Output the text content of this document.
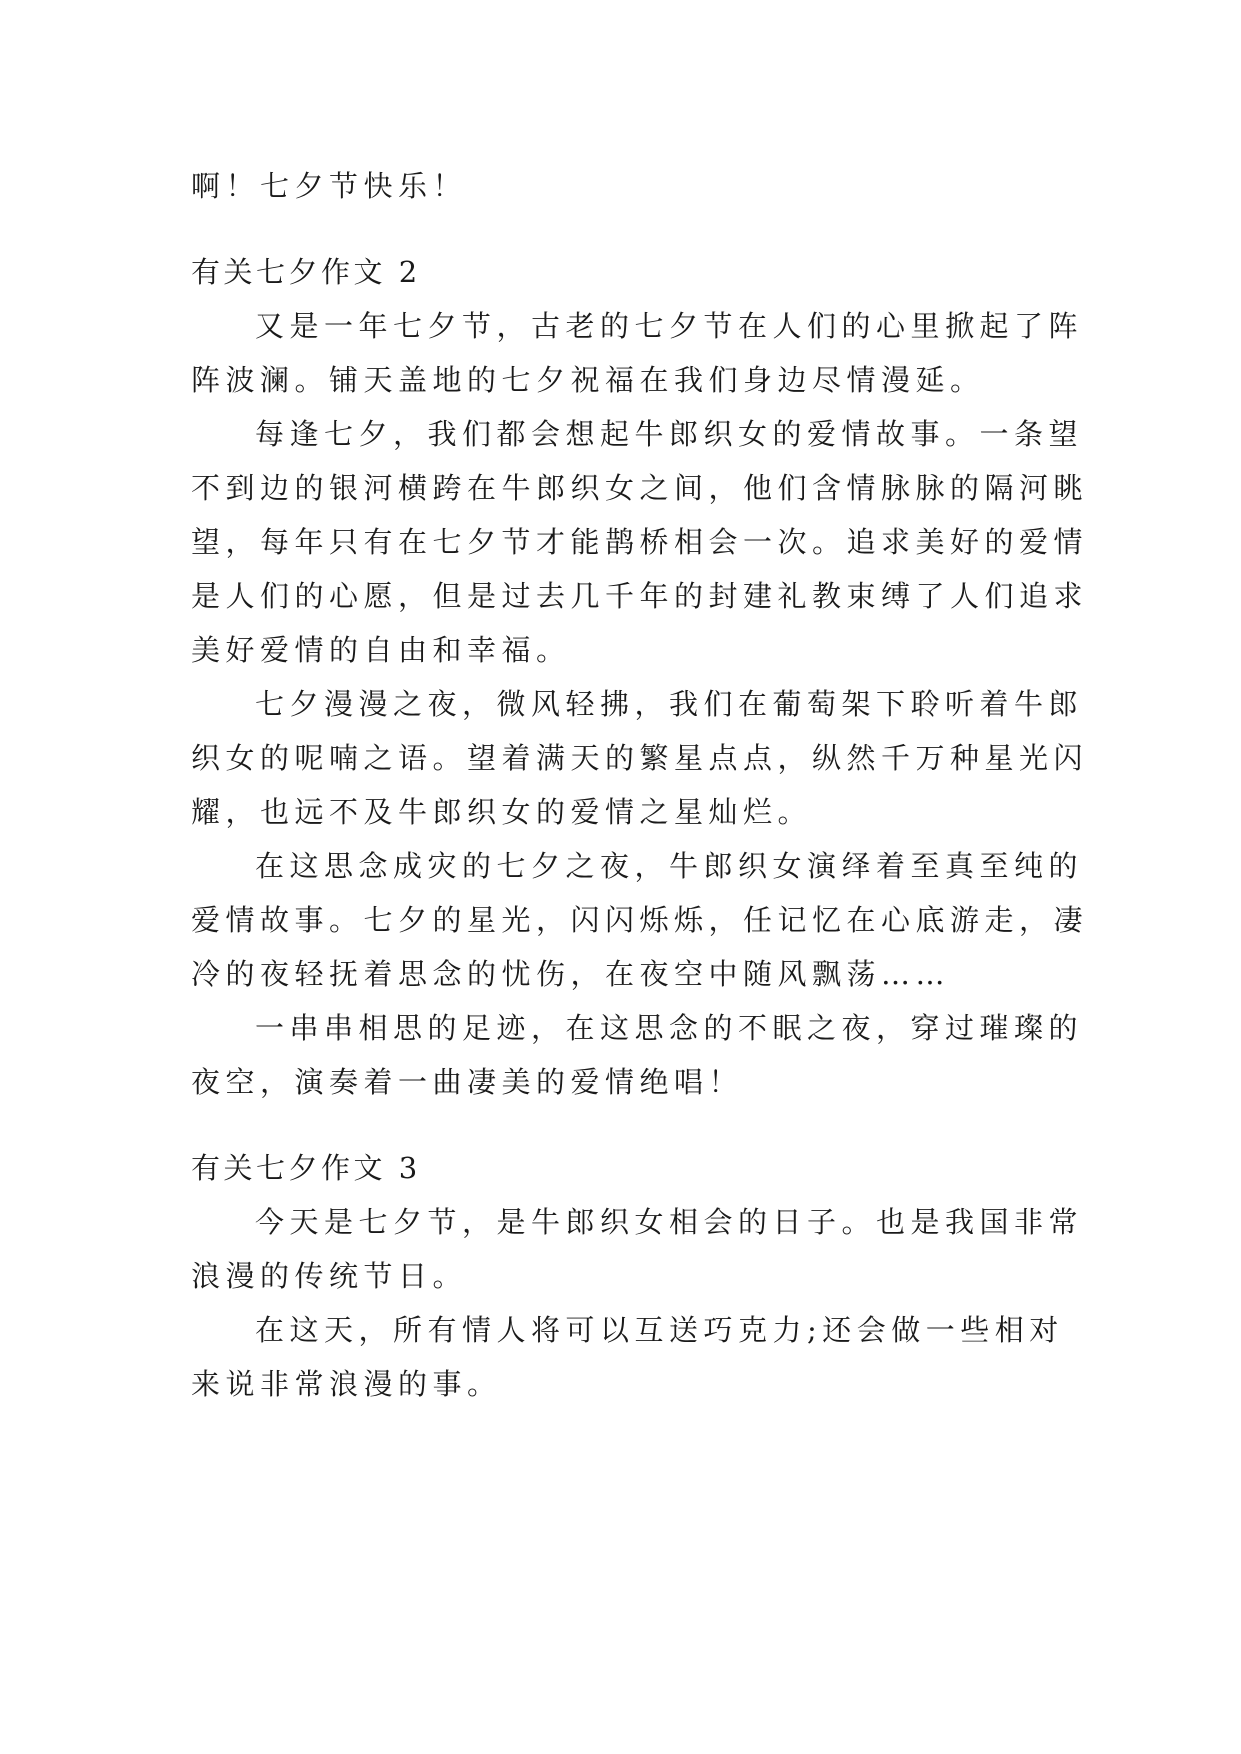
啊！七夕节快乐！
有关七夕作文 2
又是一年七夕节，古老的七夕节在人们的心里掀起了阵
阵波澜。铺天盖地的七夕祝福在我们身边尽情漫延。
每逢七夕，我们都会想起牛郎织女的爱情故事。一条望
不到边的银河横跨在牛郎织女之间，他们含情脉脉的隔河眺
望，每年只有在七夕节才能鹊桥相会一次。追求美好的爱情
是人们的心愿，但是过去几千年的封建礼教束缚了人们追求
美好爱情的自由和幸福。
七夕漫漫之夜，微风轻拂，我们在葡萄架下聆听着牛郎
织女的呢喃之语。望着满天的繁星点点，纵然千万种星光闪
耀，也远不及牛郎织女的爱情之星灿烂。
在这思念成灾的七夕之夜，牛郎织女演绎着至真至纯的
爱情故事。七夕的星光，闪闪烁烁，任记忆在心底游走，凄
冷的夜轻抚着思念的忧伤，在夜空中随风飘荡……
一串串相思的足迹，在这思念的不眠之夜，穿过璀璨的
夜空，演奏着一曲凄美的爱情绝唱！
有关七夕作文 3
今天是七夕节，是牛郎织女相会的日子。也是我国非常
浪漫的传统节日。
在这天，所有情人将可以互送巧克力;还会做一些相对
来说非常浪漫的事。
